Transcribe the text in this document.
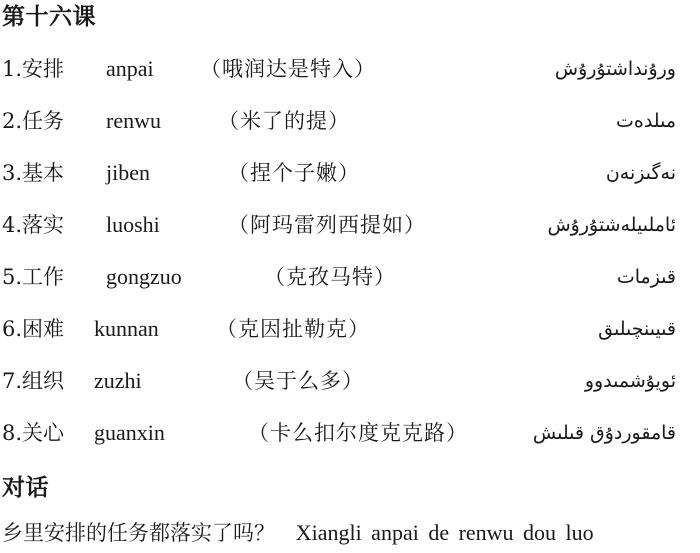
第十六课
1.安排 anpai （哦润达是特入）	ورۇنداشتۇرۇش
2.任务 renwu	（米了的提）	مىلدەت
3.基本 jiben	（捏个子嫩）	نەگىزنەن
4.落实 luoshi	（阿玛雷列西提如）	ئاملىيلەشتۇرۇش
5.工作 gongzuo	（克孜马特）	قىزمات
6.困难 kunnan	（克因扯勒克）	قىيىنچىلىق
7.组织 zuzhi	（吴于么多）	ئويۇشمىدوو
8.关心 guanxin	（卡么扣尔度克克路）	قامقوردۇق قىلىش
对话
乡里安排的任务都落实了吗？ Xiangli anpai de renwu dou luo
